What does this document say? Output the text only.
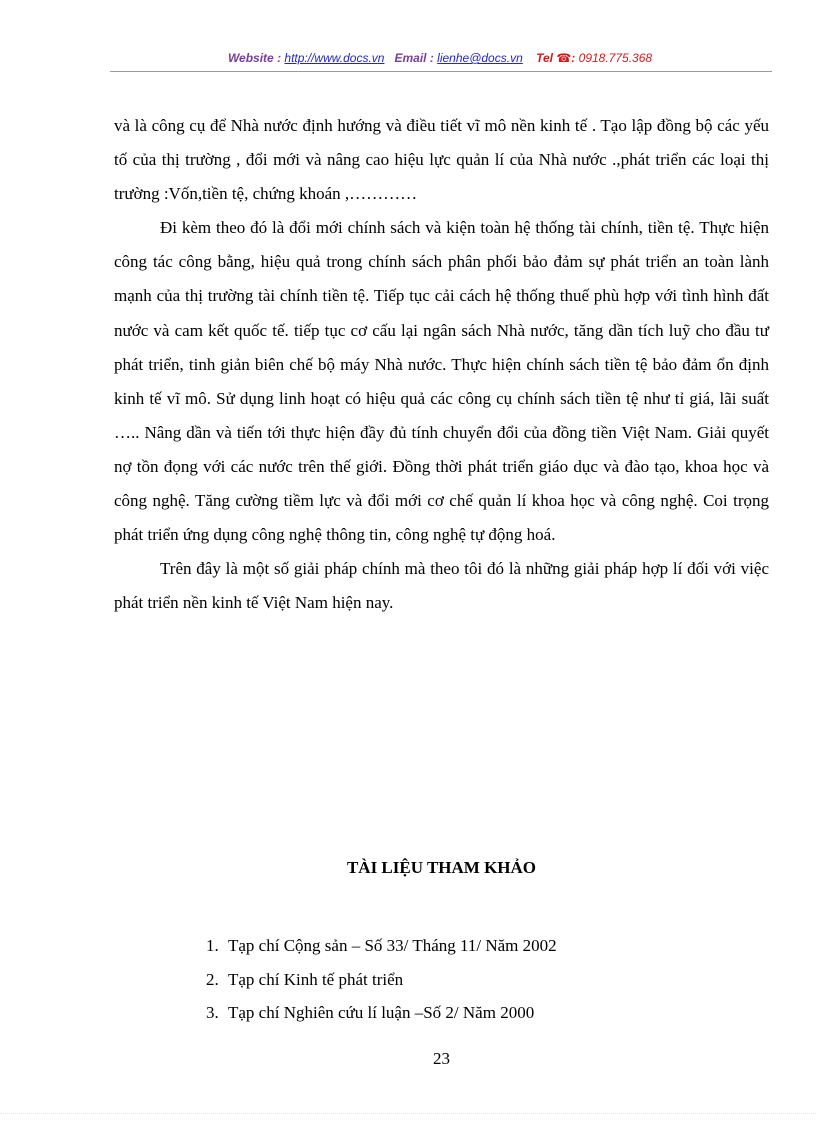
Website : http://www.docs.vn Email : lienhe@docs.vn Tel ☎: 0918.775.368

và là công cụ để Nhà nước định hướng và điều tiết vĩ mô nền kinh tế . Tạo lập đồng bộ các yếu tố của thị trường , đổi mới và nâng cao hiệu lực quản lí của Nhà nước .,phát triển các loại thị trường :Vốn,tiền tệ, chứng khoán ,…………

Đi kèm theo đó là đổi mới chính sách và kiện toàn hệ thống tài chính, tiền tệ. Thực hiện công tác công bằng, hiệu quả trong chính sách phân phối bảo đảm sự phát triển an toàn lành mạnh của thị trường tài chính tiền tệ. Tiếp tục cải cách hệ thống thuế phù hợp với tình hình đất nước và cam kết quốc tế. tiếp tục cơ cấu lại ngân sách Nhà nước, tăng dần tích luỹ cho đầu tư phát triển, tinh giản biên chế bộ máy Nhà nước. Thực hiện chính sách tiền tệ bảo đảm ổn định kinh tế vĩ mô. Sử dụng linh hoạt có hiệu quả các công cụ chính sách tiền tệ như tỉ giá, lãi suất ….. Nâng dần và tiến tới thực hiện đầy đủ tính chuyển đổi của đồng tiền Việt Nam. Giải quyết nợ tồn đọng với các nước trên thế giới. Đồng thời phát triển giáo dục và đào tạo, khoa học và công nghệ. Tăng cường tiềm lực và đổi mới cơ chế quản lí khoa học và công nghệ. Coi trọng phát triển ứng dụng công nghệ thông tin, công nghệ tự động hoá.

Trên đây là một số giải pháp chính mà theo tôi đó là những giải pháp hợp lí đối với việc phát triển nền kinh tế Việt Nam hiện nay.

TÀI LIỆU THAM KHẢO
1. Tạp chí Cộng sản – Số 33/ Tháng 11/ Năm 2002
2. Tạp chí Kinh tế phát triển
3. Tạp chí Nghiên cứu lí luận –Số 2/ Năm 2000
23
